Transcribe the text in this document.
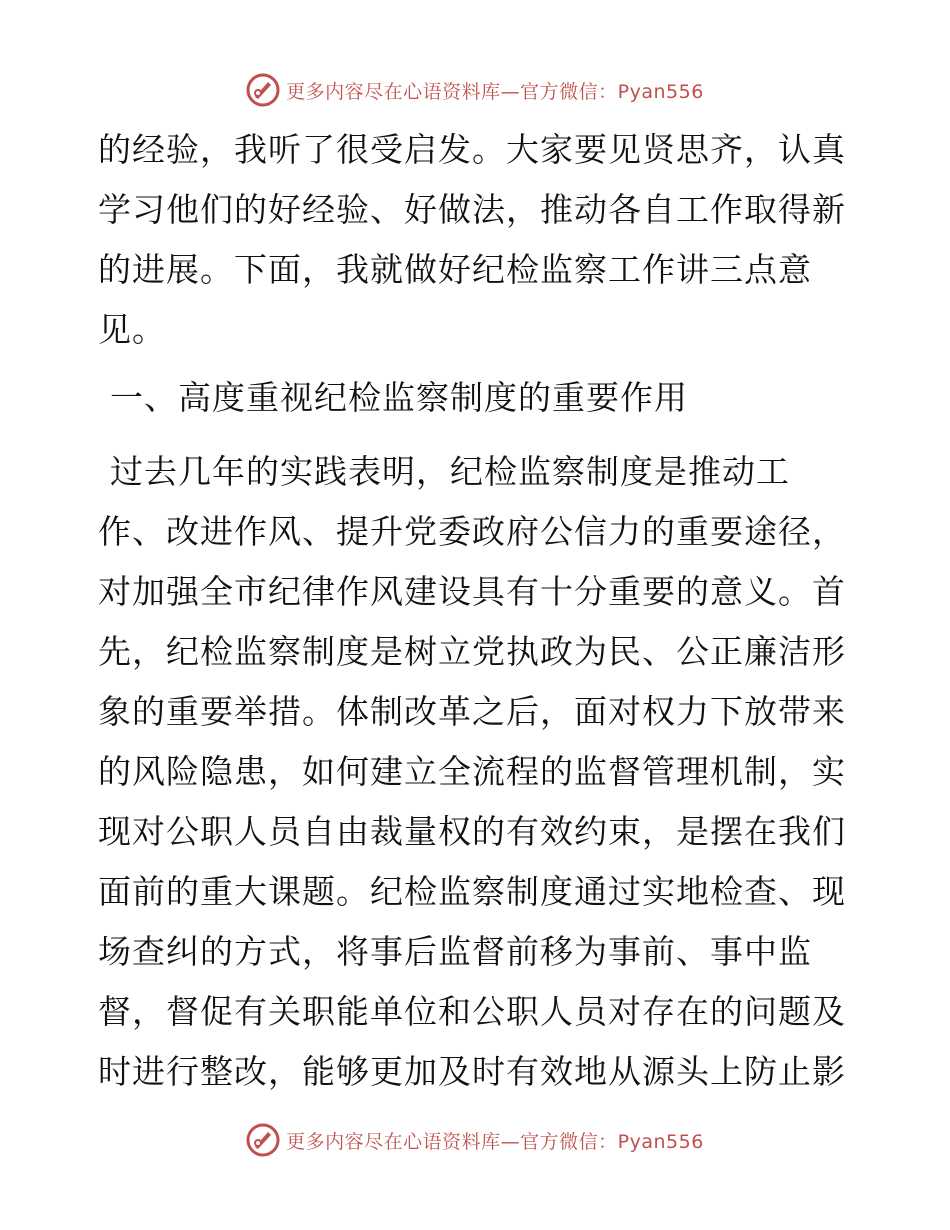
更多内容尽在心语资料库—官方微信：Pyan556
的经验，我听了很受启发。大家要见贤思齐，认真
学习他们的好经验、好做法，推动各自工作取得新
的进展。下面，我就做好纪检监察工作讲三点意
见。
一、高度重视纪检监察制度的重要作用
过去几年的实践表明，纪检监察制度是推动工
作、改进作风、提升党委政府公信力的重要途径，
对加强全市纪律作风建设具有十分重要的意义。首
先，纪检监察制度是树立党执政为民、公正廉洁形
象的重要举措。体制改革之后，面对权力下放带来
的风险隐患，如何建立全流程的监督管理机制，实
现对公职人员自由裁量权的有效约束，是摆在我们
面前的重大课题。纪检监察制度通过实地检查、现
场查纠的方式，将事后监督前移为事前、事中监
督，督促有关职能单位和公职人员对存在的问题及
时进行整改，能够更加及时有效地从源头上防止影
更多内容尽在心语资料库—官方微信：Pyan556
